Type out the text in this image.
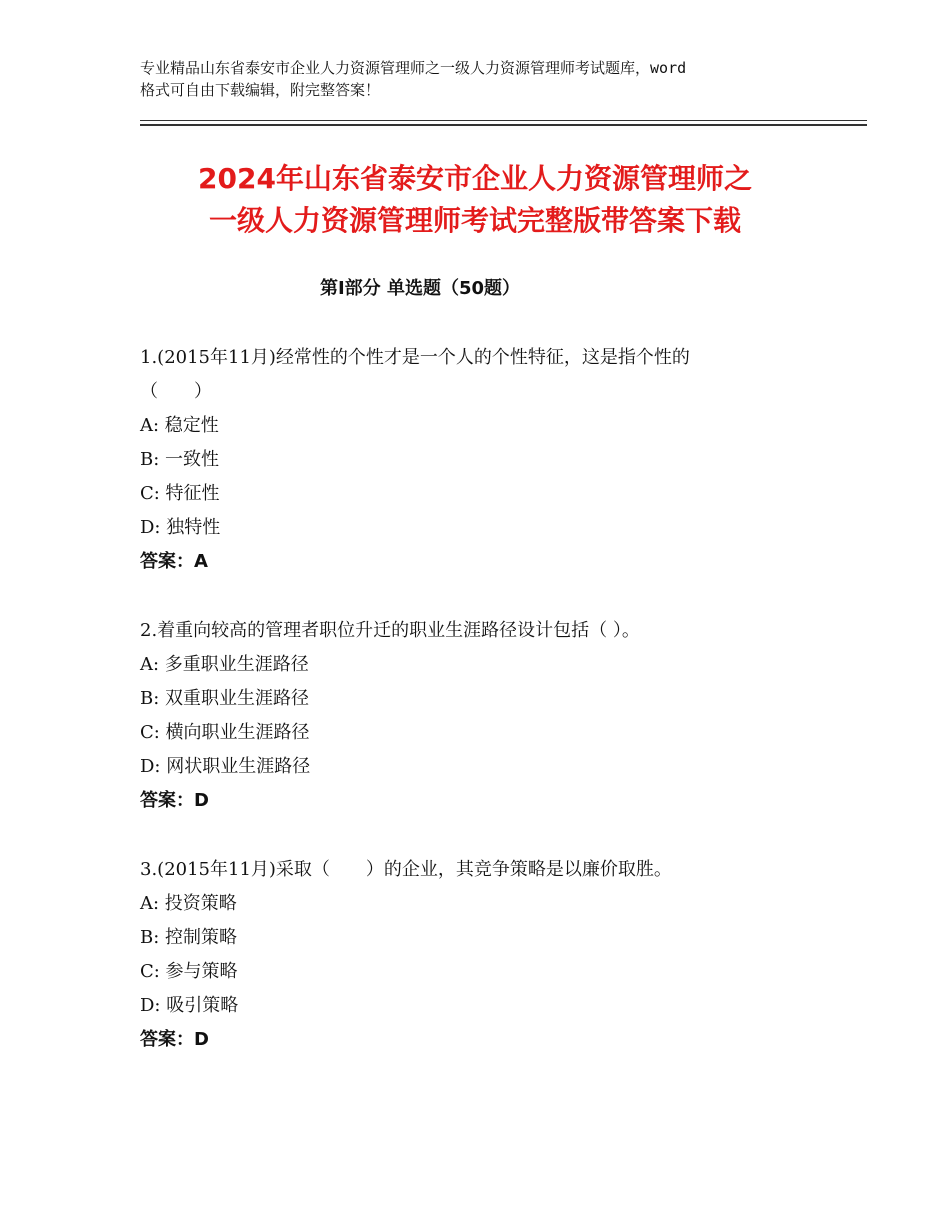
专业精品山东省泰安市企业人力资源管理师之一级人力资源管理师考试题库，word
格式可自由下载编辑，附完整答案！
2024年山东省泰安市企业人力资源管理师之
一级人力资源管理师考试完整版带答案下载
第Ⅰ部分 单选题（50题）
1.(2015年11月)经常性的个性才是一个人的个性特征，这是指个性的
（　　）
A: 稳定性
B: 一致性
C: 特征性
D: 独特性
答案：A
2.着重向较高的管理者职位升迁的职业生涯路径设计包括（ ）。
A: 多重职业生涯路径
B: 双重职业生涯路径
C: 横向职业生涯路径
D: 网状职业生涯路径
答案：D
3.(2015年11月)采取（　　）的企业，其竞争策略是以廉价取胜。
A: 投资策略
B: 控制策略
C: 参与策略
D: 吸引策略
答案：D
